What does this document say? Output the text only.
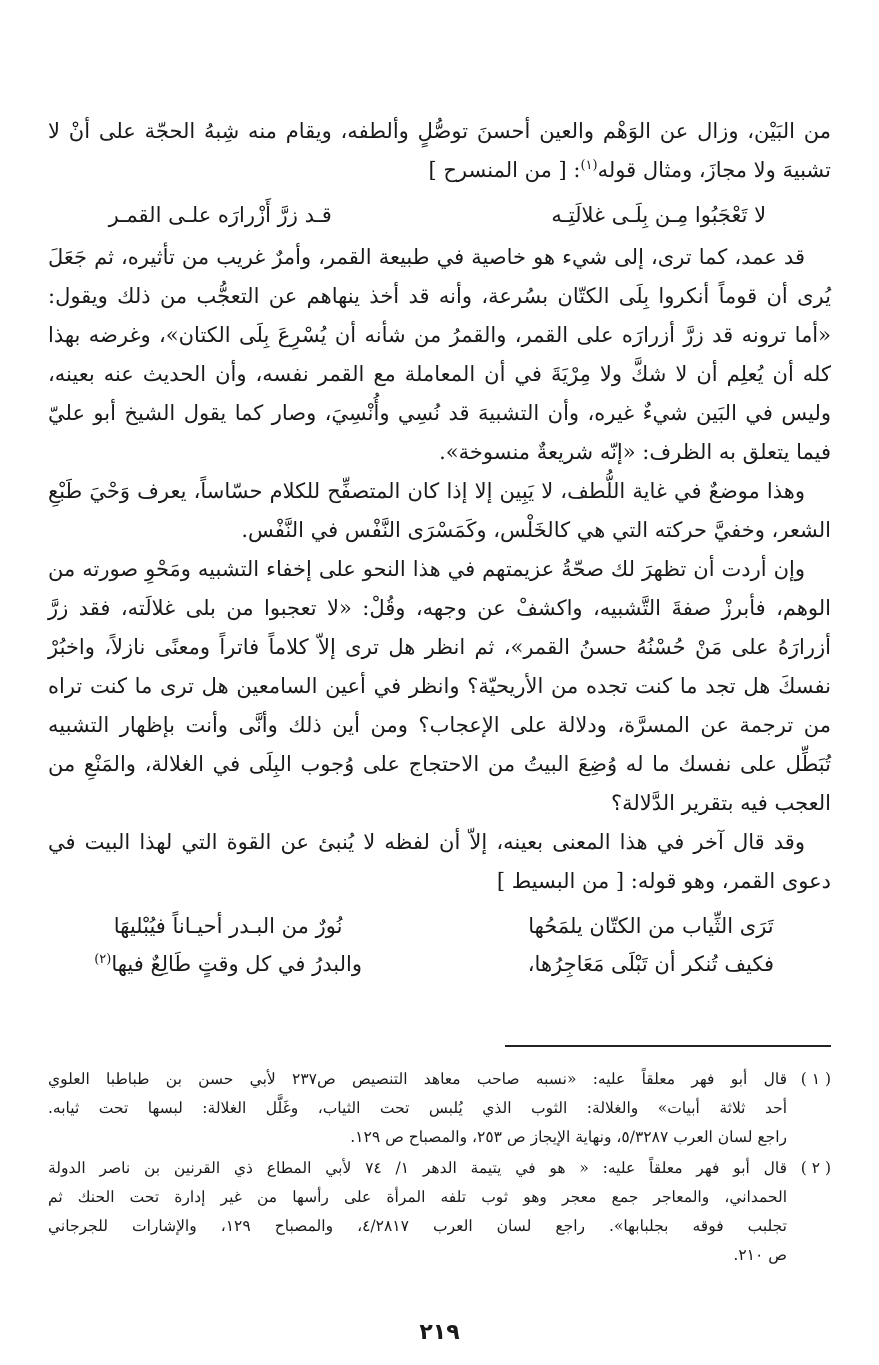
من البَيْن، وزال عن الوَهْم والعين أحسنَ توصُّلٍ وألطفه، ويقام منه شِبهُ الحجّة على أنْ لا تشبيهَ ولا مجازَ، ومثال قوله$^{(١)}$: [ من المنسرح ]

لا تَعْجَبُوا مِـن بِلَـى غلالَتِـه
قـد زرَّ أَزْرارَه علـى القمـر

قد عمد، كما ترى، إلى شيء هو خاصية في طبيعة القمر، وأمرٌ غريب من تأثيره، ثم جَعَلَ يُرى أن قوماً أنكروا بِلَى الكتّان بسُرعة، وأنه قد أخذ ينهاهم عن التعجُّب من ذلك ويقول: «أما ترونه قد زرَّ أزرارَه على القمر، والقمرُ من شأنه أن يُسْرِعَ بِلَى الكتان»، وغرضه بهذا كله أن يُعلِم أن لا شكَّ ولا مِرْيَةَ في أن المعاملة مع القمر نفسه، وأن الحديث عنه بعينه، وليس في البَين شيءٌ غيره، وأن التشبيهَ قد نُسِي وأُنْسِيَ، وصار كما يقول الشيخ أبو عليّ فيما يتعلق به الظرف: «إنّه شريعةٌ منسوخة».

وهذا موضعٌ في غاية اللُّطف، لا يَبِين إلا إذا كان المتصفِّح للكلام حسّاساً، يعرف وَحْيَ طَبْعِ الشعر، وخفيَّ حركته التي هي كالخَلْس، وكَمَسْرَى النَّفْس في النَّفْس.

وإن أردت أن تظهرَ لك صحّةُ عزيمتهم في هذا النحو على إخفاء التشبيه ومَحْوِ صورته من الوهم، فأبرزْ صفةَ التَّشبيه، واكشفْ عن وجهه، وقُلْ: «لا تعجبوا من بلى غلالَته، فقد زرَّ أزرارَهُ على مَنْ حُسْنُهُ حسنُ القمر»، ثم انظر هل ترى إلاّ كلاماً فاتراً ومعنًى نازلاً، واخبُرْ نفسكَ هل تجد ما كنت تجده من الأريحيّة؟ وانظر في أعين السامعين هل ترى ما كنت تراه من ترجمة عن المسرَّة، ودلالة على الإعجاب؟ ومن أين ذلك وأنَّى وأنت بإظهار التشبيه تُبَطِّل على نفسك ما له وُضِعَ البيتُ من الاحتجاج على وُجوب البِلَى في الغلالة، والمَنْعِ من العجب فيه بتقرير الدَّلالة؟

وقد قال آخر في هذا المعنى بعينه، إلاّ أن لفظه لا يُنبئ عن القوة التي لهذا البيت في دعوى القمر، وهو قوله: [ من البسيط ]

تَرَى الثِّياب من الكتّان يلمَحُها
نُورٌ من البـدر أحيـاناً فيُبْليهَا
فكيف تُنكر أن تَبْلَى مَعَاجِرُها،
والبدرُ في كل وقتٍ طَالِعٌ فيها$^{(٢)}$
( ١ )
قال أبو فهر معلقاً عليه: «نسبه صاحب معاهد التنصيص ص٢٣٧ لأبي حسن بن طباطبا العلوي
أحد ثلاثة أبيات» والغلالة: الثوب الذي يُلبس تحت الثياب، وغَلَّل الغلالة: لبسها تحت ثيابه.
راجع لسان العرب ٥/٣٢٨٧، ونهاية الإيجاز ص ٢٥٣، والمصباح ص ١٢٩.
( ٢ )
قال أبو فهر معلقاً عليه: « هو في يتيمة الدهر ١/ ٧٤ لأبي المطاع ذي القرنين بن ناصر الدولة
الحمداني، والمعاجر جمع معجر وهو ثوب تلفه المرأة على رأسها من غير إدارة تحت الحنك ثم
تجلبب فوقه بجلبابها». راجع لسان العرب ٤/٢٨١٧، والمصباح ١٢٩، والإشارات للجرجاني
ص ٢١٠.
٢١٩
